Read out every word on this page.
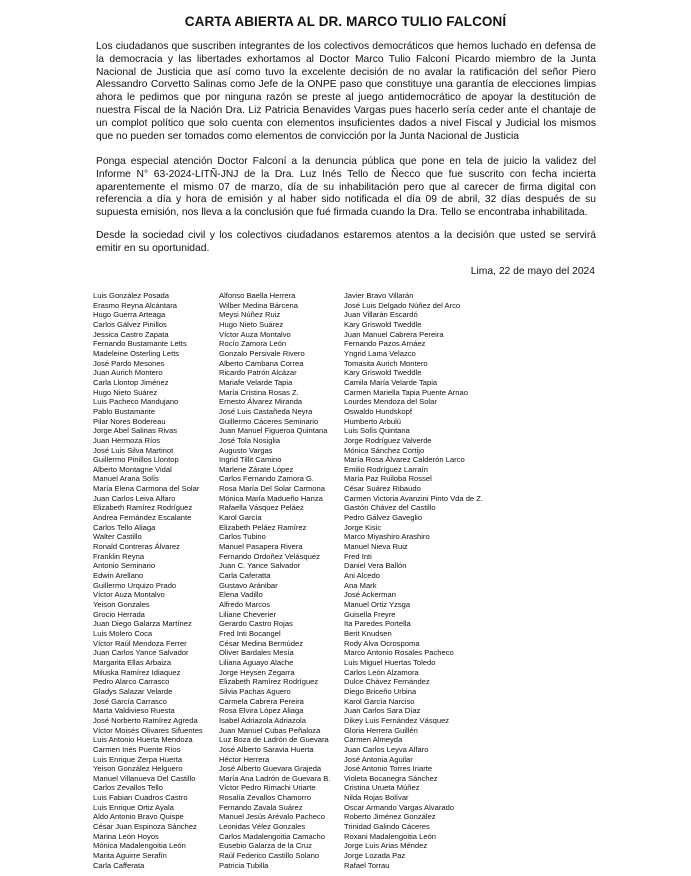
CARTA ABIERTA AL DR. MARCO TULIO FALCONÍ

Los ciudadanos que suscriben integrantes de los colectivos democráticos que hemos luchado en defensa de la democracia y las libertades exhortamos al Doctor Marco Tulio Falconí Picardo miembro de la Junta Nacional de Justicia que así como tuvo la excelente decisión de no avalar la ratificación del señor Piero Alessandro Corvetto Salinas como Jefe de la ONPE paso que constituye una garantía de elecciones limpias ahora le pedimos que por ninguna razón se preste al juego antidemocrático de apoyar la destitución de nuestra Fiscal de la Nación Dra. Liz Patricia Benavides Vargas pues hacerlo sería ceder ante el chantaje de un complot político que solo cuenta con elementos insuficientes dados a nivel Fiscal y Judicial los mismos que no pueden ser tomados como elementos de convicción por la Junta Nacional de Justicia

Ponga especial atención Doctor Falconí a la denuncia pública que pone en tela de juicio la validez del Informe N° 63-2024-LITÑ-JNJ de la Dra. Luz Inés Tello de Ñecco que fue suscrito con fecha incierta aparentemente el mismo 07 de marzo, día de su inhabilitación pero que al carecer de firma digital con referencia a día y hora de emisión y al haber sido notificada el día 09 de abril, 32 días después de su supuesta emisión, nos lleva a la conclusión que fué firmada cuando la Dra. Tello se encontraba inhabilitada.

Desde la sociedad civil y los colectivos ciudadanos estaremos atentos a la decisión que usted se servirá emitir en su oportunidad.

Lima, 22 de mayo del 2024
Luis González Posada
Erasmo Reyna Alcántara
Hugo Guerra Arteaga
Carlos Gálvez Pinillos
Jessica Castro Zapata
Fernando Bustamante Letts
Madeleine Osterling Letts
José Pardo Mesones
Juan Aurich Montero
Carla Llontop Jiménez
Hugo Nieto Suárez
Luis Pacheco Mandujano
Pablo Bustamante
Pilar Nores Bodereau
Jorge Abel Salinas Rivas
Juan Hermoza Ríos
José Luis Silva Martinot
Guillermo Pinillos Llontop
Alberto Montagne Vidal
Manuel Arana Solís
María Elena Carmona del Solar
Juan Carlos Leiva Alfaro
Elizabeth Ramírez Rodríguez
Andrea Fernández Escalante
Carlos Tello Aliaga
Walter Castillo
Ronald Contreras Álvarez
Franklin Reyna
Antonio Seminario
Edwin Arellano
Guillermo Urquizo Prado
Víctor Auza Montalvo
Yeison Gonzales
Grocio Herrada
Juan Diego Galarza Martínez
Luis Molero Coca
Víctor Raúl Mendoza Ferrer
Juan Carlos Yance Salvador
Margarita Ellas Arbaiza
Miluska Ramírez Idiaquez
Pedro Alarco Carrasco
Gladys Salazar Velarde
José García Carrasco
Marta Valdivieso Ruesta
José Norberto Ramírez Agreda
Víctor Moisés Olivares Sifuentes
Luis Antonio Huerta Mendoza
Carmen Inés Puente Ríos
Luis Enrique Zerpa Huerta
Yeison González Helguero
Manuel Villanueva Del Castillo
Carlos Zevallos Tello
Luis Fabian Cuadros Castro
Luis Enrique Ortiz Ayala
Aldo Antonio Bravo Quispe
César Juan Espinoza Sánchez
Marina León Hoyos
Mónica Madalengoitia León
Marita Aguirre Serafín
Carla Cafferata
Alfonso Baella Herrera
Wilber Medina Bárcena
Meysi Núñez Ruiz
Hugo Nieto Suárez
Víctor Auza Montalvo
Rocío Zamora León
Gonzalo Persivale Rivero
Alberto Cambana Correa
Ricardo Patrón Alcázar
Mariafe Velarde Tapia
María Cristina Rosas Z.
Ernesto Álvarez Miranda
José Luis Castañeda Neyra
Guillermo Cáceres Seminario
Juan Manuel Figueroa Quintana
José Tola Nosiglia
Augusto Vargas
Ingrid Tillit Camino
Marlene Zárate López
Carlos Fernando Zamora G.
Rosa María Del Solar Carmona
Mónica María Madueño Hanza
Rafaella Vásquez Peláez
Karol García
Elizabeth Peláez Ramírez
Carlos Tubino
Manuel Pasapera Rivera
Fernando Ordoñez Velásquez
Juan C. Yance Salvador
Carla Caferatta
Gustavo Aránibar
Elena Vadillo
Alfredo Marcos
Liliane Cheverier
Gerardo Castro Rojas
Fred Inti Bocangel
César Medina Bermúdez
Oliver Bardales Mesía
Liliana Aguayo Alache
Jorge Heysen Zegarra
Elizabeth Ramírez Rodríguez
Silvia Pachas Aguero
Carmela Cabrera Pereira
Rosa Elvira López Aliaga
Isabel Adriazola Adriazola
Juan Manuel Cubas Peñaloza
Luz Boza de Ladrón de Guevara
José Alberto Saravia Huerta
Héctor Herrera
José Alberto Guevara Grajeda
María Ana Ladrón de Guevara B.
Víctor Pedro Rimachi Uriarte
Rosalía Zevallos Chamorro
Fernando Zavala Suárez
Manuel Jesús Arévalo Pacheco
Leonidas Vélez Gonzales
Carlos Madalengoitia Camacho
Eusebio Galarza de la Cruz
Raúl Federico Castillo Solano
Patricia Tubilla
Javier Bravo Villarán
José Luis Delgado Núñez del Arco
Juan Villarán Escardó
Kary Griswold Tweddle
Juan Manuel Cabrera Pereira
Fernando Pazos Arnáez
Yngrid Lama Velazco
Tomasita Aurich Montero
Kary Griswold Tweddle
Camila María Velarde Tapia
Carmen Mariella Tapia Puente Arnao
Lourdes Mendoza del Solar
Oswaldo Hundskopf
Humberto Arbulú
Luis Solís Quintana
Jorge Rodríguez Valverde
Mónica Sánchez Cortijo
María Rosa Álvarez Calderón Larco
Emilio Rodríguez Larraín
María Paz Ruiloba Rossel
César Suárez Ribaudo
Carmen Victoria Avanzini Pinto Vda de Z.
Gastón Chávez del Castillo
Pedro Gálvez Gaveglio
Jorge Kisic
Marco Miyashiro Arashiro
Manuel Nieva Ruiz
Fred Inti
Daniel Vera Ballón
Ani Alcedo
Ana Mark
José Ackerman
Manuel Ortiz Yzsga
Guisella Freyre
Ita Paredes Portella
Berit Knudsen
Rody Alva Ocrospoma
Marco Antonio Rosales Pacheco
Luis Miguel Huertas Toledo
Carlos León Alzamora
Dulce Chávez Fernández
Diego Briceño Urbina
Karol García Narciso
Juan Carlos Sara Díaz
Dikey Luis Fernández Vásquez
Gloria Herrera Guillén
Carmen Almeyda
Juan Carlos Leyva Alfaro
José Antonia Aguilar
José Antonio Torres Iriarte
Violeta Bocanegra Sánchez
Cristina Urueta Múñez
Nilda Rojas Bolívar
Oscar Armando Vargas Alvarado
Roberto Jiménez González
Trinidad Galindo Cáceres
Roxani Madalengoitia León
Jorge Luis Arias Méndez
Jorge Lozada Paz
Rafael Torrau
